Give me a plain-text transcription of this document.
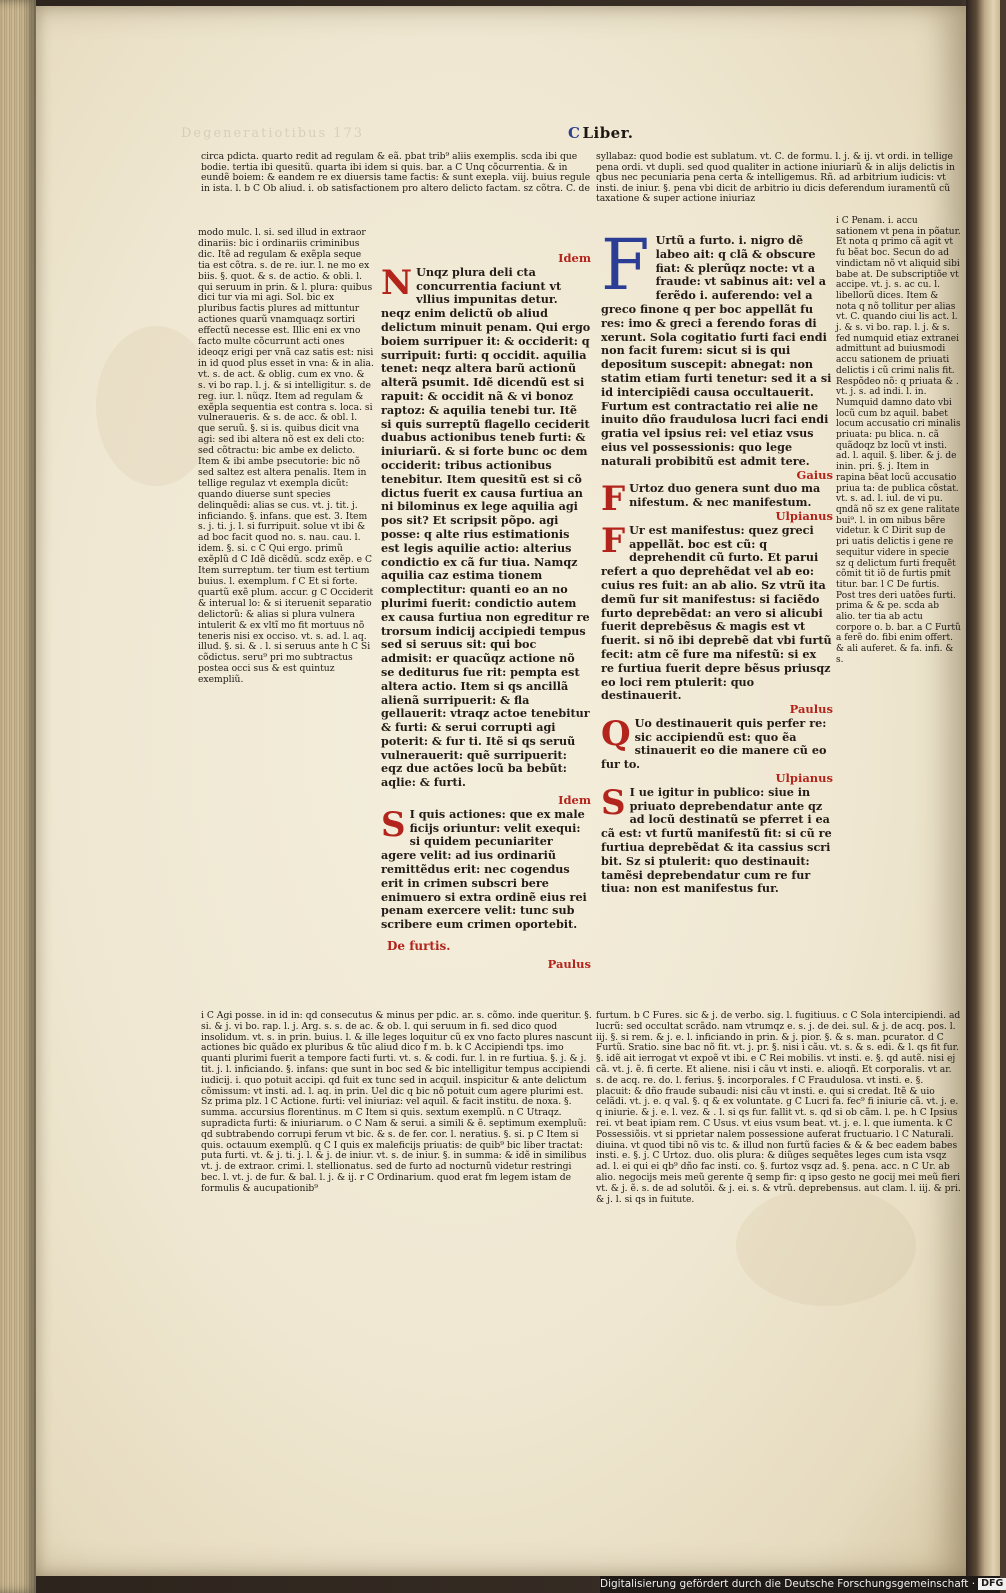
Degeneratiotibus 173	C Liber.

circa pdicta. quarto redit ad regulam & eã. pbat trib⁹ aliis exemplis. scda ibi que bodie. tertia ibi quesitũ. quarta ibi idem si quis. bar. a C Unq cõcurrentia. & in eundẽ boiem: & eandem re ex diuersis tame factis: & sunt exepla. viij. buius regule in ista. l. b C Ob aliud. i. ob satisfactionem pro altero delicto factam. sz cõtra. C. de

modo mulc. l. si. sed illud in extraor dinariis: bic i ordinariis criminibus dic. Itẽ ad regulam & exẽpla seque tia est cõtra. s. de re. iur. l. ne mo ex biis. §. quot. & s. de actio. & obli. l. qui seruum in prin. & l. plura: quibus dici tur via mi agi. Sol. bic ex pluribus factis plures ad mittuntur actiones quarũ vnamquaqz sortiri effectũ necesse est. Illic eni ex vno facto multe cõcurrunt acti ones ideoqz erigi per vnã caz satis est: nisi in id quod plus esset in vna: & in alia. vt. s. de act. & oblig. cum ex vno. & s. vi bo rap. l. j. & si intelligitur. s. de reg. iur. l. nũqz. Item ad regulam & exẽpla sequentia est contra s. loca. si vulneraueris. & s. de acc. & obl. l. que seruũ. §. si is. quibus dicit vna agi: sed ibi altera nõ est ex deli cto: sed cõtractu: bic ambe ex delicto. Item & ibi ambe psecutorie: bic nõ sed saltez est altera penalis. Item in tellige regulaz vt exempla dicũt: quando diuerse sunt species delinquẽdi: alias se cus. vt. j. tit. j. inficiando. §. infans. que est. 3. Item s. j. ti. j. l. si furripuit. solue vt ibi & ad boc facit quod no. s. nau. cau. l. idem. §. si. c C Qui ergo. primũ exẽplũ d C Idẽ dicẽdũ. scdz exẽp. e C Item surreptum. ter tium est tertium buius. l. exemplum. f C Et si forte. quartũ exẽ plum. accur. g C Occiderit & interual lo: & si iteruenit separatio delictorũ: & alias si plura vulnera intulerit & ex vltĩ mo fit mortuus nõ teneris nisi ex occiso. vt. s. ad. l. aq. illud. §. si. & . l. si seruus ante h C Si cõdictus. seru⁹ pri mo subtractus postea occi sus & est quintuz exempliũ.

Idem
N Unqz plura deli cta concurrentia faciunt vt vllius impunitas detur. neqz enim delictũ ob aliud delictum minuit penam. Qui ergo boiem surripuer it: & occiderit: q surripuit: furti: q occidit. aquilia tenet: neqz altera barũ actionũ alterã psumit. Idẽ dicendũ est si rapuit: & occidit nã & vi bonoz raptoz: & aquilia tenebi tur. Itẽ si quis surreptũ flagello ceciderit duabus actionibus teneb furti: & iniuriarũ. & si forte bunc oc dem occiderit: tribus actionibus tenebitur. Item quesitũ est si cõ dictus fuerit ex causa furtiua an ni bilominus ex lege aquilia agi pos sit? Et scripsit põpo. agi posse: q alte rius estimationis est legis aquilie actio: alterius condictio ex cã fur tiua. Namqz aquilia caz estima tionem complectitur: quanti eo an no plurimi fuerit: condictio autem ex causa furtiua non egreditur re trorsum indicij accipiedi tempus sed si seruus sit: qui boc admisit: er quacũqz actione nõ se dediturus fue rit: pempta est altera actio. Item si qs ancillã alienã surripuerit: & fla gellauerit: vtraqz actoe tenebitur & furti: & serui corrupti agi poterit: & fur ti. Itẽ si qs seruũ vulnerauerit: quẽ surripuerit: eqz due actões locũ ba bebũt: aqlie: & furti.

Idem
S I quis actiones: que ex male ficijs oriuntur: velit exequi: si quidem pecuniariter agere velit: ad ius ordinariũ remittẽdus erit: nec cogendus erit in crimen subscri bere enimuero si extra ordinẽ eius rei penam exercere velit: tunc sub scribere eum crimen oportebit.

De furtis.
Paulus

syllabaz: quod bodie est sublatum. vt. C. de formu. l. j. & ij. vt ordi. in tellige pena ordi. vt dupli. sed quod qualiter in actione iniuriarũ & in alijs delictis in qbus nec pecuniaria pena certa & intelligemus. Rñ. ad arbitrium iudicis: vt insti. de iniur. §. pena vbi dicit de arbitrio iu dicis deferendum iuramentũ cũ taxatione & super actione iniuriaz

F Urtũ a furto. i. nigro dẽ labeo ait: q clã & obscure fiat: & plerũqz nocte: vt a fraude: vt sabinus ait: vel a ferẽdo i. auferendo: vel a greco finone q per boc appellãt fu res: imo & greci a ferendo foras di xerunt. Sola cogitatio furti faci endi non facit furem: sicut si is qui depositum suscepit: abnegat: non statim etiam furti tenetur: sed it a si id intercipiẽdi causa occultauerit. Furtum est contractatio rei alie ne inuito dño fraudulosa lucri faci endi gratia vel ipsius rei: vel etiaz vsus eius vel possessionis: quo lege naturali probibitũ est admit tere.

Gaius
F Urtoz duo genera sunt duo ma nifestum. & nec manifestum.

Ulpianus
F Ur est manifestus: quez greci appellãt. boc est cũ: q deprehendit cũ furto. Et parui refert a quo deprehẽdat vel ab eo: cuius res fuit: an ab alio. Sz vtrũ ita demũ fur sit manifestus: si faciẽdo furto deprebẽdat: an vero si alicubi fuerit deprebẽsus & magis est vt fuerit. si nõ ibi deprebẽ dat vbi furtũ fecit: atm cẽ fure ma nifestũ: si ex re furtiua fuerit depre bẽsus priusqz eo loci rem ptulerit: quo destinauerit.

Paulus
Q Uo destinauerit quis perfer re: sic accipiendũ est: quo ẽa stinauerit eo die manere cũ eo fur to.

Ulpianus
S I ue igitur in publico: siue in priuato deprebendatur ante qz ad locũ destinatũ se pferret i ea cã est: vt furtũ manifestũ fit: si cũ re furtiua deprebẽdat & ita cassius scri bit. Sz si ptulerit: quo destinauit: tamẽsi deprebendatur cum re fur tiua: non est manifestus fur.

i C Penam. i. accu sationem vt pena in põatur. Et nota q primo cã agit vt fu bẽat boc. Secun do ad vindictam nõ vt aliquid sibi babe at. De subscriptiõe vt accipe. vt. j. s. ac cu. l. libellorũ dices. Item & nota q nõ tollitur per alias vt. C. quando ciui lis act. l. j. & s. vi bo. rap. l. j. & s. fed numquid etiaz extranei admittunt ad buiusmodi accu sationem de priuati delictis i cũ crimi nalis fit. Respõdeo nõ: q priuata & . vt. j. s. ad indi. l. in. Numquid damno dato vbi locũ cum bz aquil. babet locum accusatio cri minalis priuata: pu blica. n. cã quãdoqz bz locũ vt insti. ad. l. aquil. §. liber. & j. de inin. pri. §. j. Item in rapina bẽat locũ accusatio priua ta: de publica cõstat. vt. s. ad. l. iul. de vi pu. qndã nõ sz ex gene ralitate bui⁹. l. in om nibus bẽre videtur. k C Dirit sup de pri uatis delictis i gene re sequitur videre in specie sz q delictum furti frequẽt cõmit tit iõ de furtis pmit titur. bar. l C De furtis. Post tres deri uatões furti. prima & & pe. scda ab alio. ter tia ab actu corpore o. b. bar. a C Furtũ a ferẽ do. fibi enim offert. & ali auferet. & fa. infi. & s.

i C Agi posse. in id in: qd consecutus & minus per pdic. ar. s. cõmo. inde queritur. §. si. & j. vi bo. rap. l. j. Arg. s. s. de ac. & ob. l. qui seruum in fi. sed dico quod insolidum. vt. s. in prin. buius. l. & ille leges loquitur cũ ex vno facto plures nascunt actiones bic quãdo ex pluribus & tũc aliud dico f m. b. k C Accipiendi tps. imo quanti plurimi fuerit a tempore facti furti. vt. s. & codi. fur. l. in re furtiua. §. j. & j. tit. j. l. inficiando. §. infans: que sunt in boc sed & bic intelligitur tempus accipiendi iudicij. i. quo potuit accipi. qd fuit ex tunc sed in acquil. inspicitur & ante delictum cõmissum: vt insti. ad. l. aq. in prin. Uel dic q bic nõ potuit cum agere plurimi est. Sz prima plz. l C Actione. furti: vel iniuriaz: vel aquil. & facit institu. de noxa. §. summa. accursius florentinus. m C Item si quis. sextum exemplũ. n C Utraqz. supradicta furti: & iniuriarum. o C Nam & serui. a simili & ẽ. septimum exempluũ: qd subtrabendo corrupi ferum vt bic. & s. de fer. cor. l. neratius. §. si. p C Item si quis. octauum exemplũ. q C I quis ex maleficijs priuatis: de quib⁹ bic liber tractat: puta furti. vt. & j. ti. j. l. & j. de iniur. vt. s. de iniur. §. in summa: & idẽ in similibus vt. j. de extraor. crimi. l. stellionatus. sed de furto ad nocturnũ videtur restringi bec. l. vt. j. de fur. & bal. l. j. & ij. r C Ordinarium. quod erat fm legem istam de formulis & aucupationib⁹

furtum. b C Fures. sic & j. de verbo. sig. l. fugitiuus. c C Sola intercipiendi. ad lucrũ: sed occultat scrãdo. nam vtrumqz e. s. j. de dei. sul. & j. de acq. pos. l. iij. §. si rem. & j. e. l. inficiando in prin. & j. pior. §. & s. man. pcurator. d C Furtũ. Sratio. sine bac nõ fit. vt. j. pr. §. nisi i cãu. vt. s. & s. edi. & l. qs fit fur. §. idẽ ait ierrogat vt expoẽ vt ibi. e C Rei mobilis. vt insti. e. §. qd autẽ. nisi ej cã. vt. j. ẽ. fi certe. Et aliene. nisi i cãu vt insti. e. alioqñ. Et corporalis. vt ar. s. de acq. re. do. l. ferius. §. incorporales. f C Fraudulosa. vt insti. e. §. placuit: & dño fraude subaudi: nisi cãu vt insti. e. qui si credat. Itẽ & uio celãdi. vt. j. e. q val. §. q & ex voluntate. g C Lucri fa. fec⁹ fi iniurie cã. vt. j. e. q iniurie. & j. e. l. vez. & . l. si qs fur. fallit vt. s. qd si ob cãm. l. pe. h C Ipsius rei. vt beat ipiam rem. C Usus. vt eius vsum beat. vt. j. e. l. que iumenta. k C Possessiõis. vt si pprietar nalem possessione auferat fructuario. l C Naturali. diuina. vt quod tibi nõ vis tc. & illud non furtũ facies & & & bec eadem babes insti. e. §. j. C Urtoz. duo. olis plura: & diũges sequẽtes leges cum ista vsqz ad. l. ei qui ei qb⁹ dño fac insti. co. §. furtoz vsqz ad. §. pena. acc. n C Ur. ab alio. negocijs meis meũ gerente q̃ semp fir: q ipso gesto ne gocij mei meũ fieri vt. & j. ẽ. s. de ad solutõi. & j. ei. s. & vtrũ. deprebensus. aut clam. l. iij. & pri. & j. l. si qs in fuitute.

Digitalisierung gefördert durch die Deutsche Forschungsgemeinschaft · DFG
